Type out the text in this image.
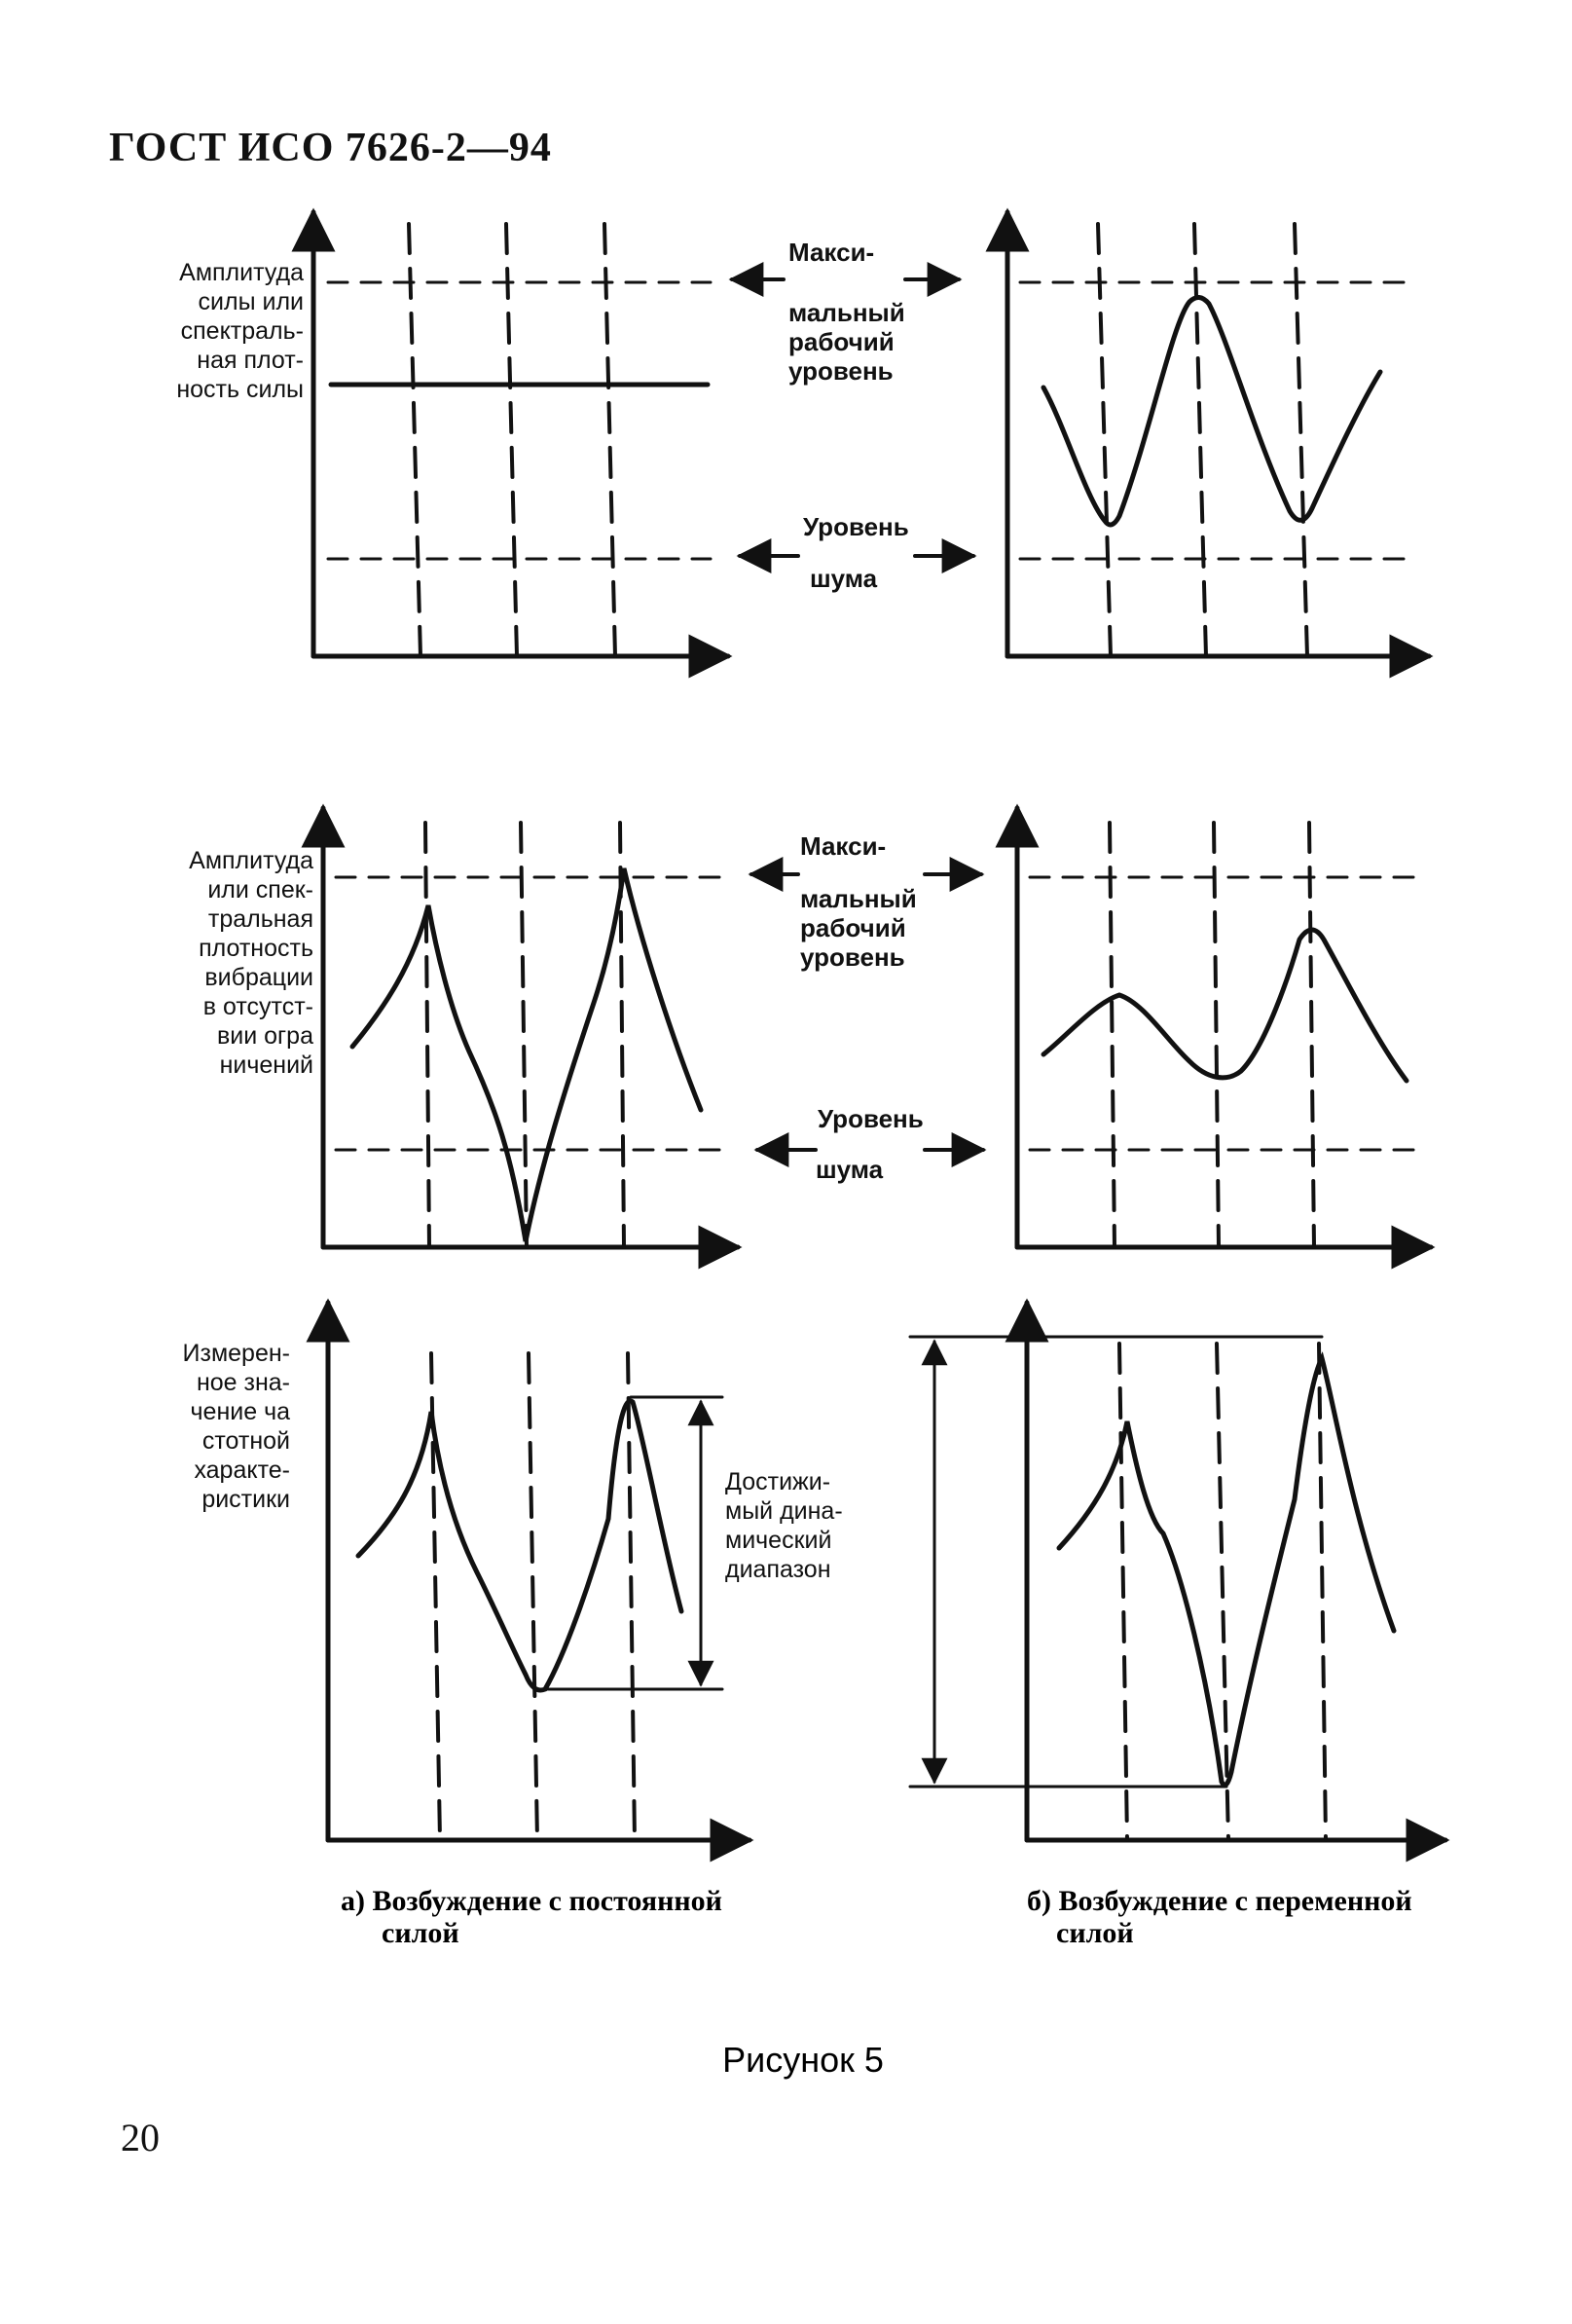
ГОСТ ИСО 7626-2—94
Амплитуда
силы или
спектраль-
ная плот-
ность силы
Макси-
мальный
рабочий
уровень
Уровень
шума
Амплитуда
или спек-
тральная
плотность
вибрации
в отсутст-
вии огра
ничений
Макси-
мальный
рабочий
уровень
Уровень
шума
Измерен-
ное зна-
чение ча
стотной
характе-
ристики
Достижи-
мый дина-
мический
диапазон
а) Возбуждение с постоянной
силой
б) Возбуждение с переменной
силой
Рисунок 5
20
